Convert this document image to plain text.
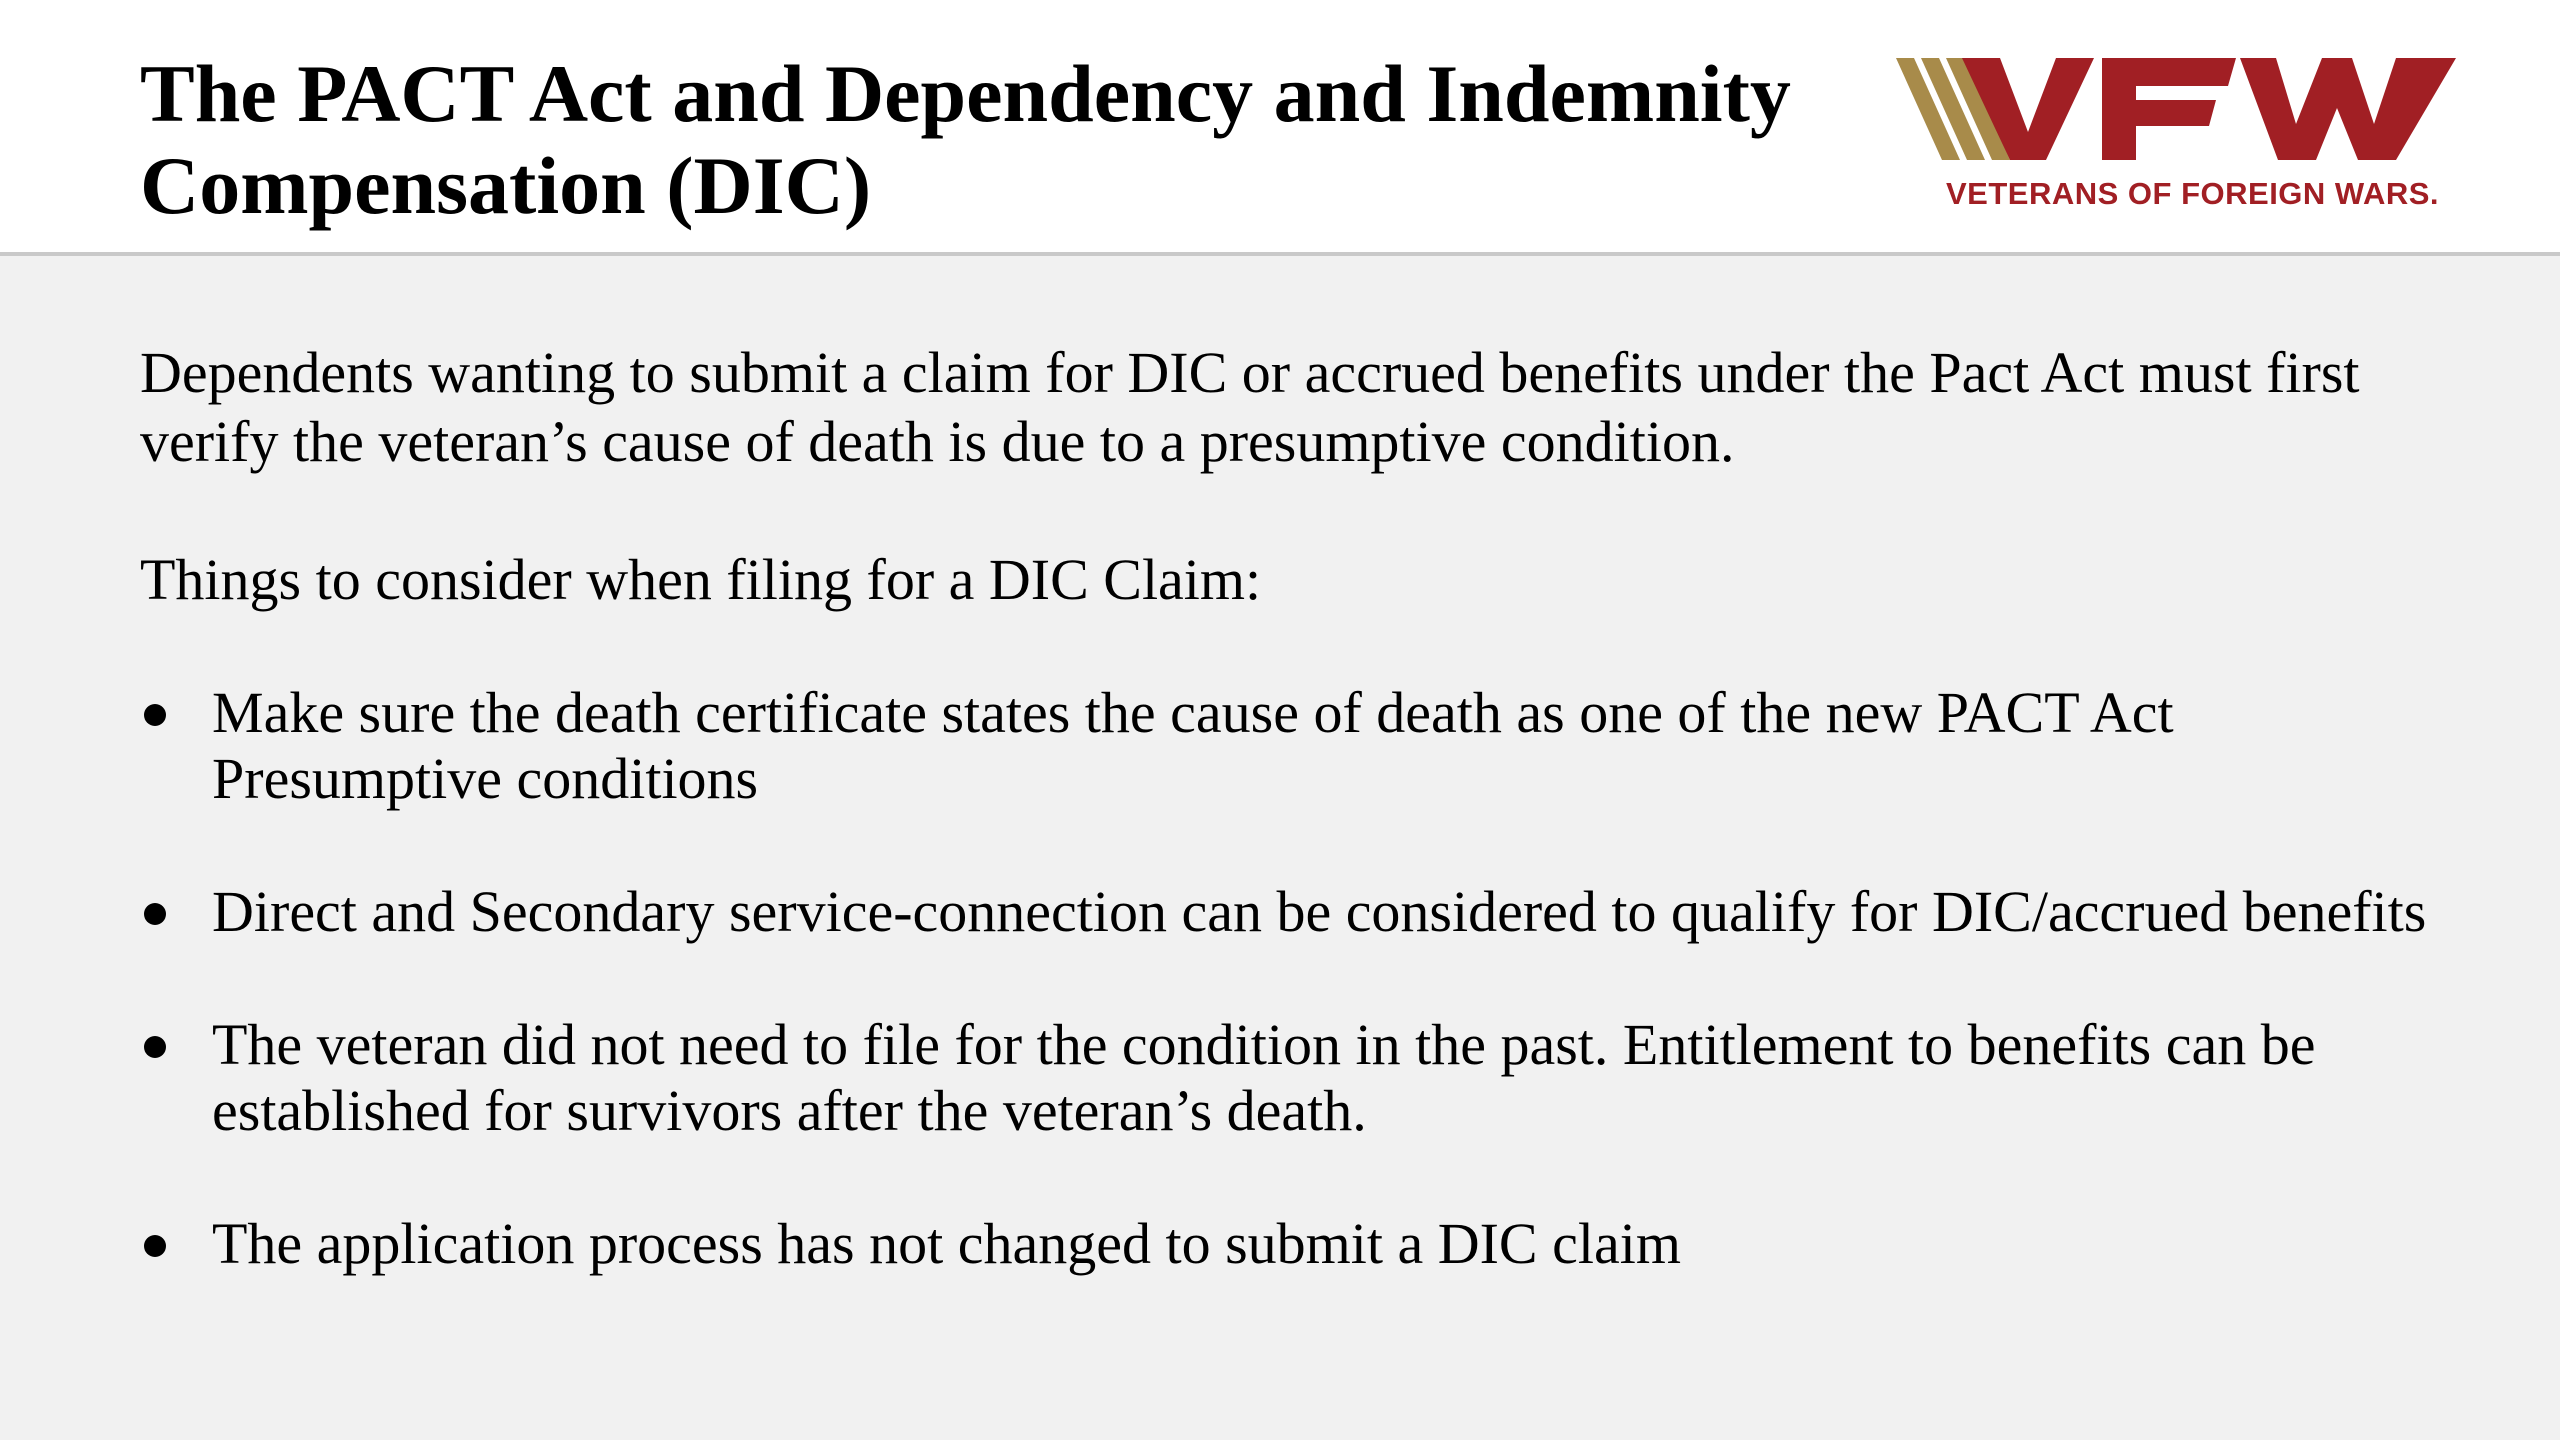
The PACT Act and Dependency and Indemnity Compensation (DIC)	VETERANS OF FOREIGN WARS.

Dependents wanting to submit a claim for DIC or accrued benefits under the Pact Act must first verify the veteran’s cause of death is due to a presumptive condition.

Things to consider when filing for a DIC Claim:

Make sure the death certificate states the cause of death as one of the new PACT Act Presumptive conditions
Direct and Secondary service-connection can be considered to qualify for DIC/accrued benefits
The veteran did not need to file for the condition in the past. Entitlement to benefits can be established for survivors after the veteran’s death.
The application process has not changed to submit a DIC claim
